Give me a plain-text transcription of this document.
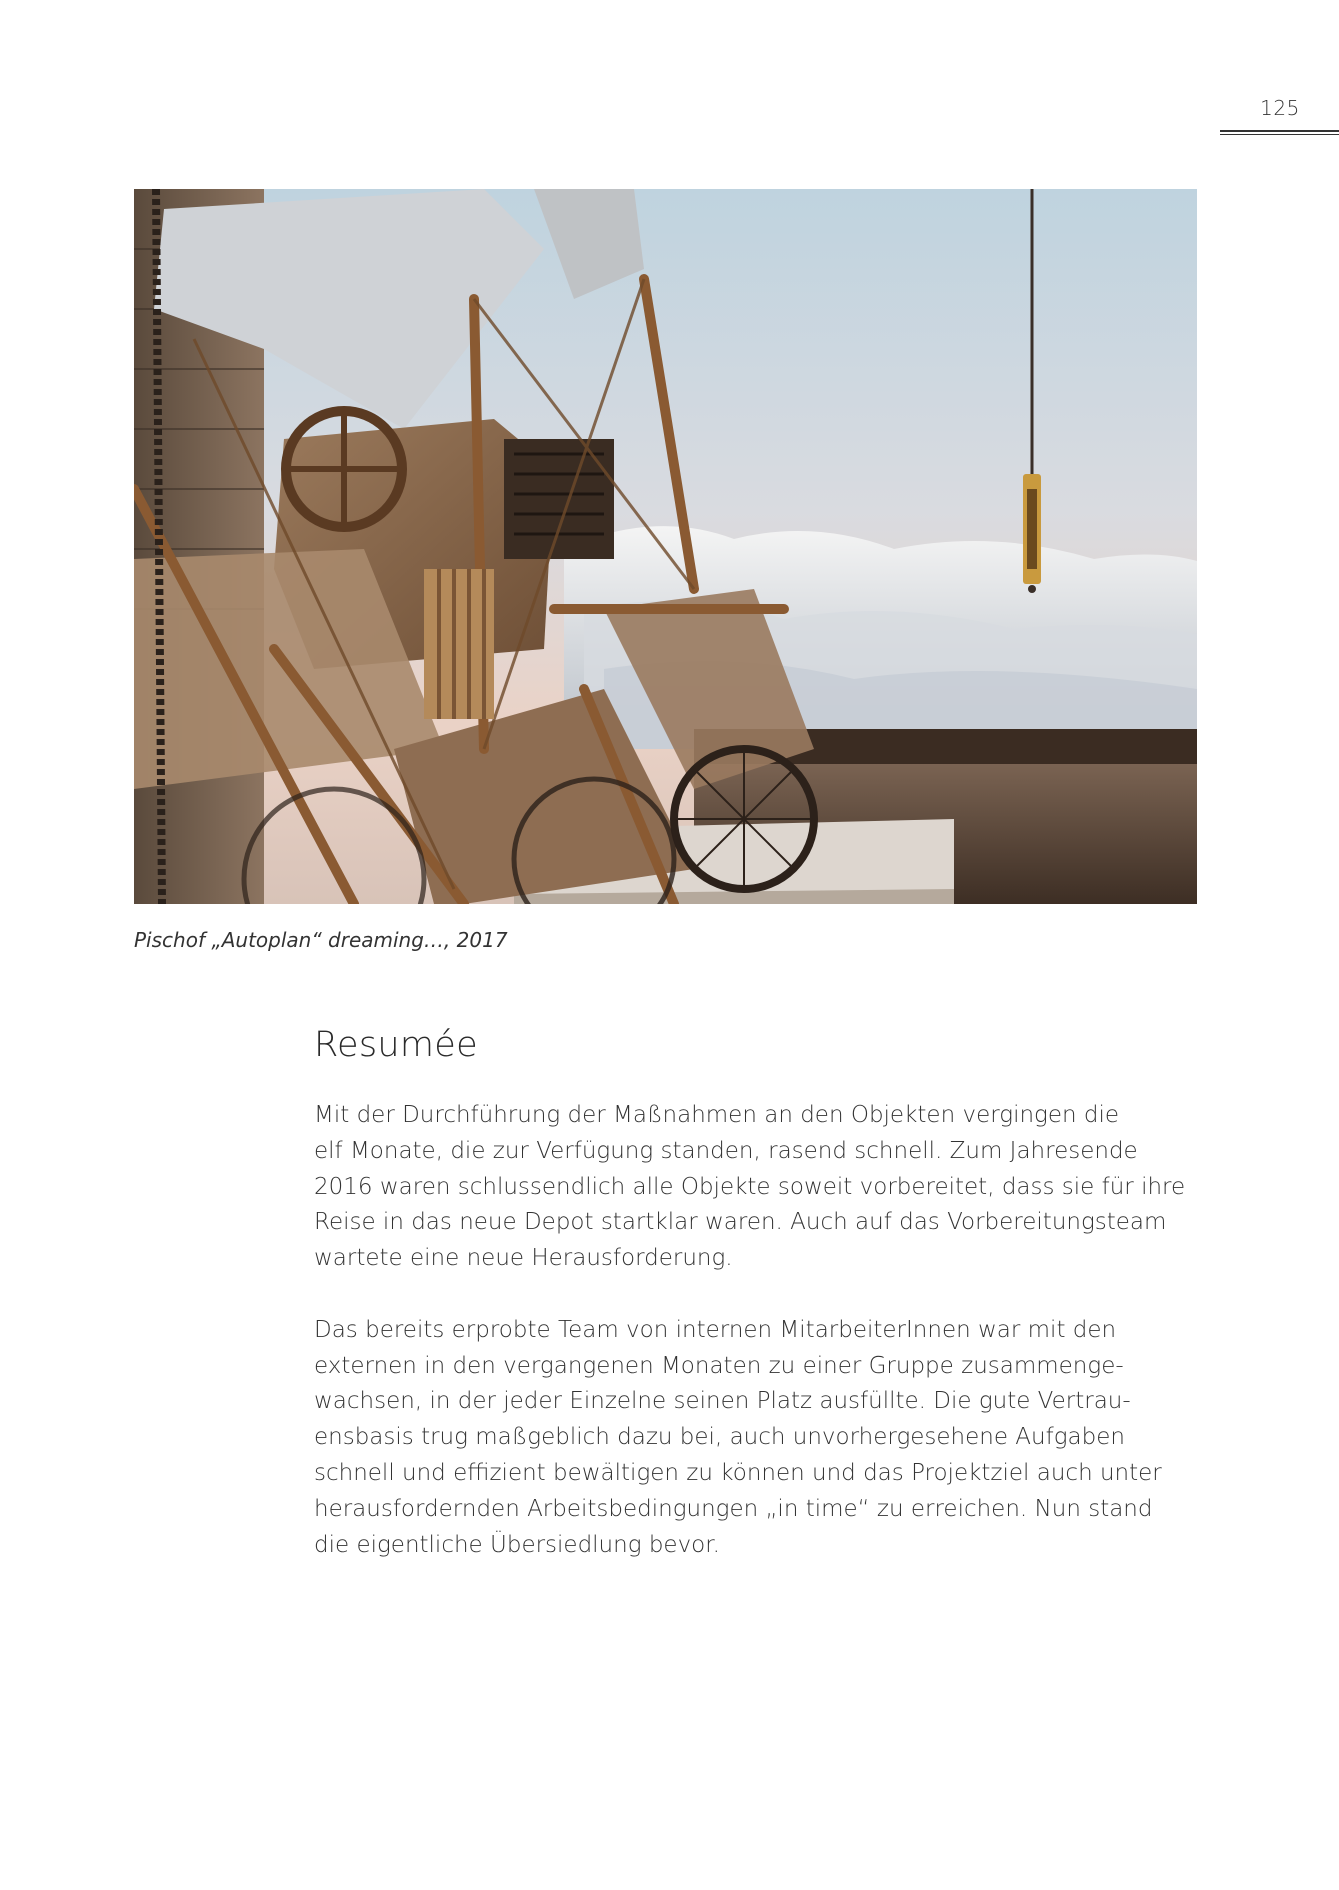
125
Pischof „Autoplan“ dreaming…, 2017
Resumée
Mit der Durchführung der Maßnahmen an den Objekten vergingen die
elf Monate, die zur Verfügung standen, rasend schnell. Zum Jahresende
2016 waren schlussendlich alle Objekte soweit vorbereitet, dass sie für ihre
Reise in das neue Depot startklar waren. Auch auf das Vorbereitungsteam
wartete eine neue Herausforderung.
Das bereits erprobte Team von internen MitarbeiterInnen war mit den
externen in den vergangenen Monaten zu einer Gruppe zusammenge-
wachsen, in der jeder Einzelne seinen Platz ausfüllte. Die gute Vertrau-
ensbasis trug maßgeblich dazu bei, auch unvorhergesehene Aufgaben
schnell und effizient bewältigen zu können und das Projektziel auch unter
herausfordernden Arbeitsbedingungen „in time“ zu erreichen. Nun stand
die eigentliche Übersiedlung bevor.
